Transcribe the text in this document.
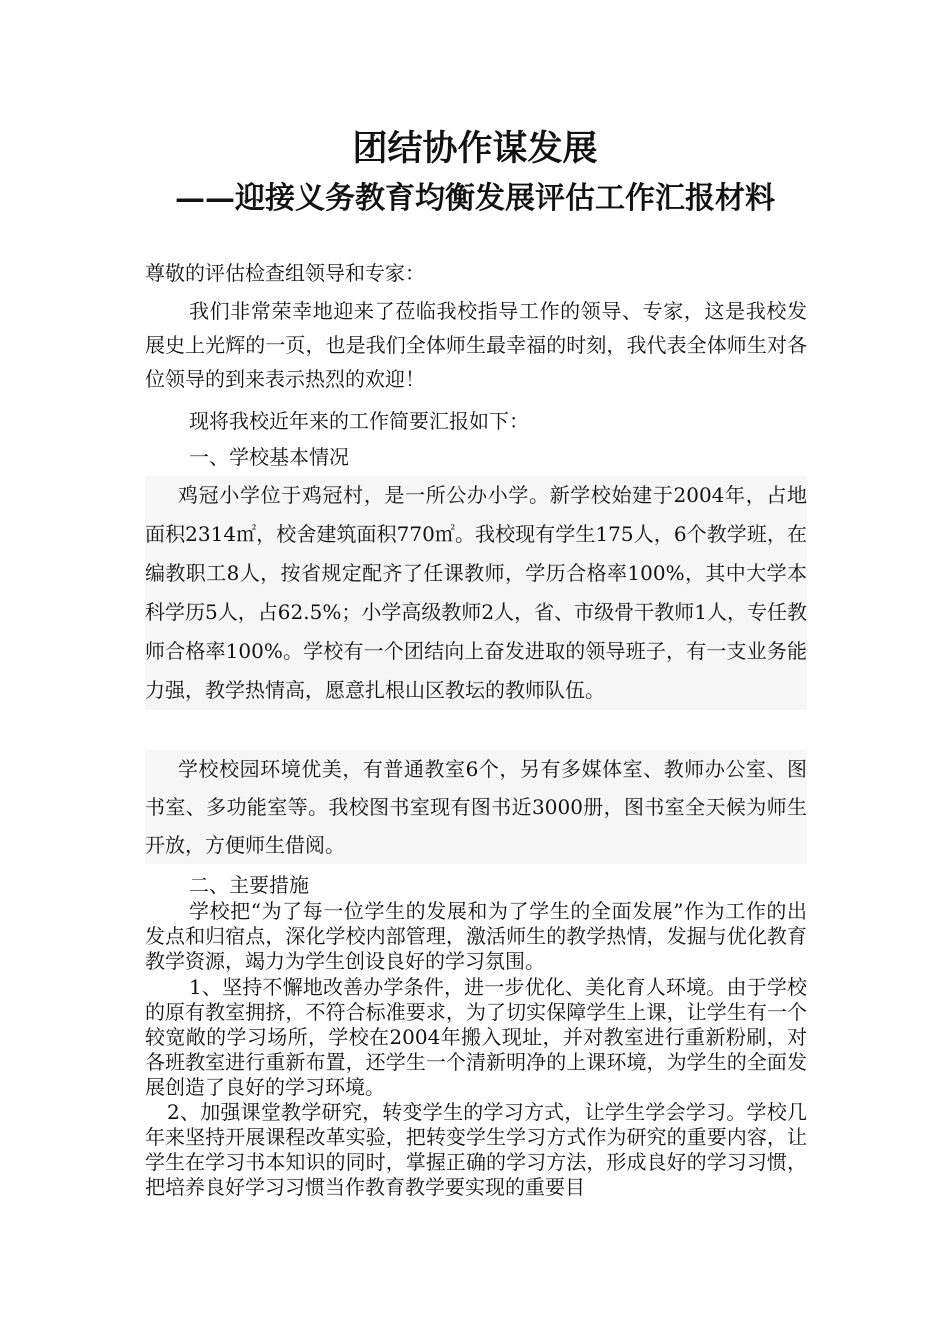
团结协作谋发展
——迎接义务教育均衡发展评估工作汇报材料

尊敬的评估检查组领导和专家：

我们非常荣幸地迎来了莅临我校指导工作的领导、专家，这是我校发展史上光辉的一页，也是我们全体师生最幸福的时刻，我代表全体师生对各位领导的到来表示热烈的欢迎！

现将我校近年来的工作简要汇报如下：

一、学校基本情况

鸡冠小学位于鸡冠村，是一所公办小学。新学校始建于2004年，占地面积2314㎡，校舍建筑面积770㎡。我校现有学生175人，6个教学班，在编教职工8人，按省规定配齐了任课教师，学历合格率100%，其中大学本科学历5人，占62.5%；小学高级教师2人，省、市级骨干教师1人，专任教师合格率100%。学校有一个团结向上奋发进取的领导班子，有一支业务能力强，教学热情高，愿意扎根山区教坛的教师队伍。

学校校园环境优美，有普通教室6个，另有多媒体室、教师办公室、图书室、多功能室等。我校图书室现有图书近3000册，图书室全天候为师生开放，方便师生借阅。

二、主要措施

学校把“为了每一位学生的发展和为了学生的全面发展”作为工作的出发点和归宿点，深化学校内部管理，激活师生的教学热情，发掘与优化教育教学资源，竭力为学生创设良好的学习氛围。

1、坚持不懈地改善办学条件，进一步优化、美化育人环境。由于学校的原有教室拥挤，不符合标准要求，为了切实保障学生上课，让学生有一个较宽敞的学习场所，学校在2004年搬入现址，并对教室进行重新粉刷，对各班教室进行重新布置，还学生一个清新明净的上课环境，为学生的全面发展创造了良好的学习环境。

2、加强课堂教学研究，转变学生的学习方式，让学生学会学习。学校几年来坚持开展课程改革实验，把转变学生学习方式作为研究的重要内容，让学生在学习书本知识的同时，掌握正确的学习方法，形成良好的学习习惯，把培养良好学习习惯当作教育教学要实现的重要目
